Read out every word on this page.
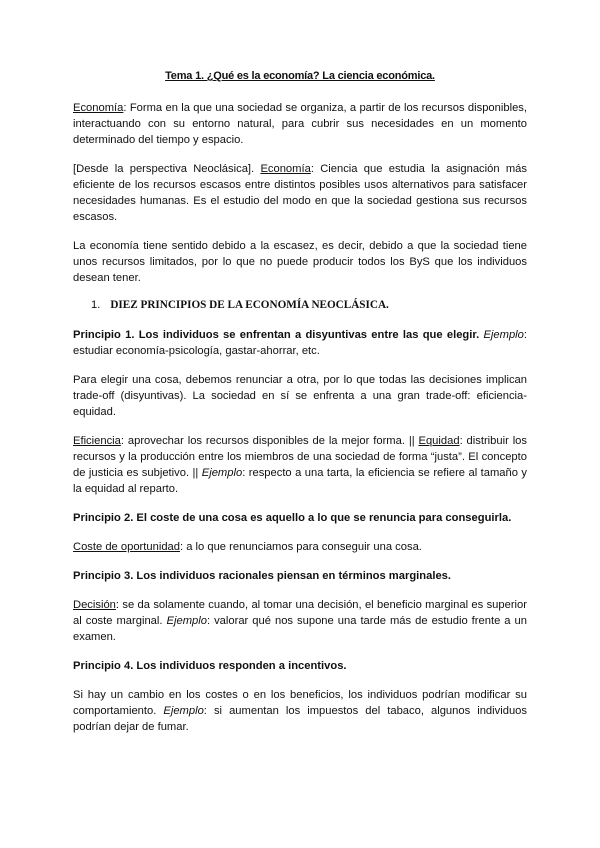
Tema 1. ¿Qué es la economía? La ciencia económica.

Economía: Forma en la que una sociedad se organiza, a partir de los recursos disponibles, interactuando con su entorno natural, para cubrir sus necesidades en un momento determinado del tiempo y espacio.

[Desde la perspectiva Neoclásica]. Economía: Ciencia que estudia la asignación más eficiente de los recursos escasos entre distintos posibles usos alternativos para satisfacer necesidades humanas. Es el estudio del modo en que la sociedad gestiona sus recursos escasos.

La economía tiene sentido debido a la escasez, es decir, debido a que la sociedad tiene unos recursos limitados, por lo que no puede producir todos los ByS que los individuos desean tener.

1. DIEZ PRINCIPIOS DE LA ECONOMÍA NEOCLÁSICA.

Principio 1. Los individuos se enfrentan a disyuntivas entre las que elegir. Ejemplo: estudiar economía-psicología, gastar-ahorrar, etc.

Para elegir una cosa, debemos renunciar a otra, por lo que todas las decisiones implican trade-off (disyuntivas). La sociedad en sí se enfrenta a una gran trade-off: eficiencia-equidad.

Eficiencia: aprovechar los recursos disponibles de la mejor forma. || Equidad: distribuir los recursos y la producción entre los miembros de una sociedad de forma “justa”. El concepto de justicia es subjetivo. || Ejemplo: respecto a una tarta, la eficiencia se refiere al tamaño y la equidad al reparto.

Principio 2. El coste de una cosa es aquello a lo que se renuncia para conseguirla.

Coste de oportunidad: a lo que renunciamos para conseguir una cosa.

Principio 3. Los individuos racionales piensan en términos marginales.

Decisión: se da solamente cuando, al tomar una decisión, el beneficio marginal es superior al coste marginal. Ejemplo: valorar qué nos supone una tarde más de estudio frente a un examen.

Principio 4. Los individuos responden a incentivos.

Si hay un cambio en los costes o en los beneficios, los individuos podrían modificar su comportamiento. Ejemplo: si aumentan los impuestos del tabaco, algunos individuos podrían dejar de fumar.
